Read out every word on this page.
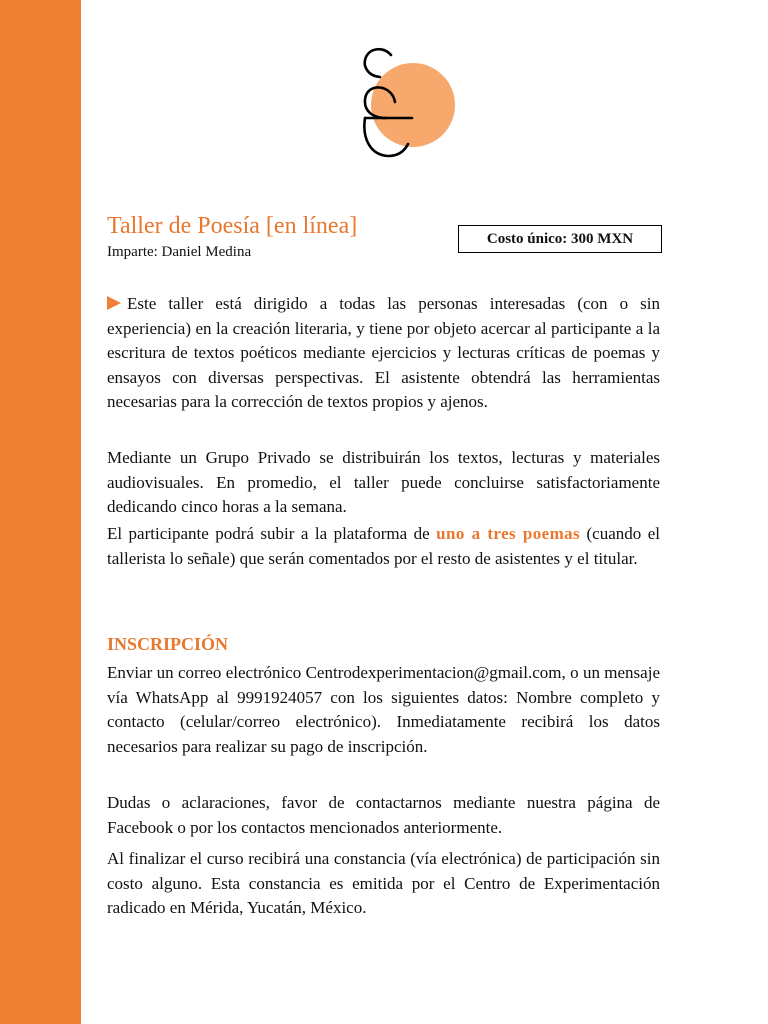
Taller de Poesía [en línea]
Imparte: Daniel Medina
Costo único: 300 MXN

Este taller está dirigido a todas las personas interesadas (con o sin experiencia) en la creación literaria, y tiene por objeto acercar al participante a la escritura de textos poéticos mediante ejercicios y lecturas críticas de poemas y ensayos con diversas perspectivas. El asistente obtendrá las herramientas necesarias para la corrección de textos propios y ajenos.

Mediante un Grupo Privado se distribuirán los textos, lecturas y materiales audiovisuales. En promedio, el taller puede concluirse satisfactoriamente dedicando cinco horas a la semana.

El participante podrá subir a la plataforma de uno a tres poemas (cuando el tallerista lo señale) que serán comentados por el resto de asistentes y el titular.

INSCRIPCIÓN

Enviar un correo electrónico Centrodexperimentacion@gmail.com, o un mensaje vía WhatsApp al 9991924057 con los siguientes datos: Nombre completo y contacto (celular/correo electrónico). Inmediatamente recibirá los datos necesarios para realizar su pago de inscripción.

Dudas o aclaraciones, favor de contactarnos mediante nuestra página de Facebook o por los contactos mencionados anteriormente.

Al finalizar el curso recibirá una constancia (vía electrónica) de participación sin costo alguno. Esta constancia es emitida por el Centro de Experimentación radicado en Mérida, Yucatán, México.
